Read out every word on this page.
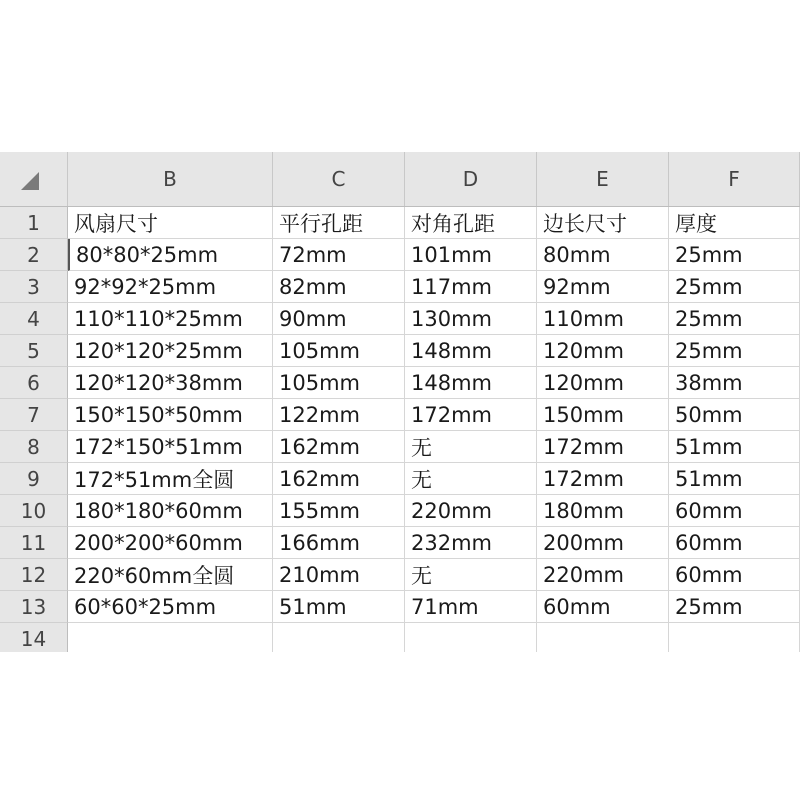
B	C	D	E	F
1	风扇尺寸	平行孔距	对角孔距	边长尺寸	厚度
2	80*80*25mm	72mm	101mm	80mm	25mm
3	92*92*25mm	82mm	117mm	92mm	25mm
4	110*110*25mm	90mm	130mm	110mm	25mm
5	120*120*25mm	105mm	148mm	120mm	25mm
6	120*120*38mm	105mm	148mm	120mm	38mm
7	150*150*50mm	122mm	172mm	150mm	50mm
8	172*150*51mm	162mm	无	172mm	51mm
9	172*51mm全圆	162mm	无	172mm	51mm
10	180*180*60mm	155mm	220mm	180mm	60mm
11	200*200*60mm	166mm	232mm	200mm	60mm
12	220*60mm全圆	210mm	无	220mm	60mm
13	60*60*25mm	51mm	71mm	60mm	25mm
14
